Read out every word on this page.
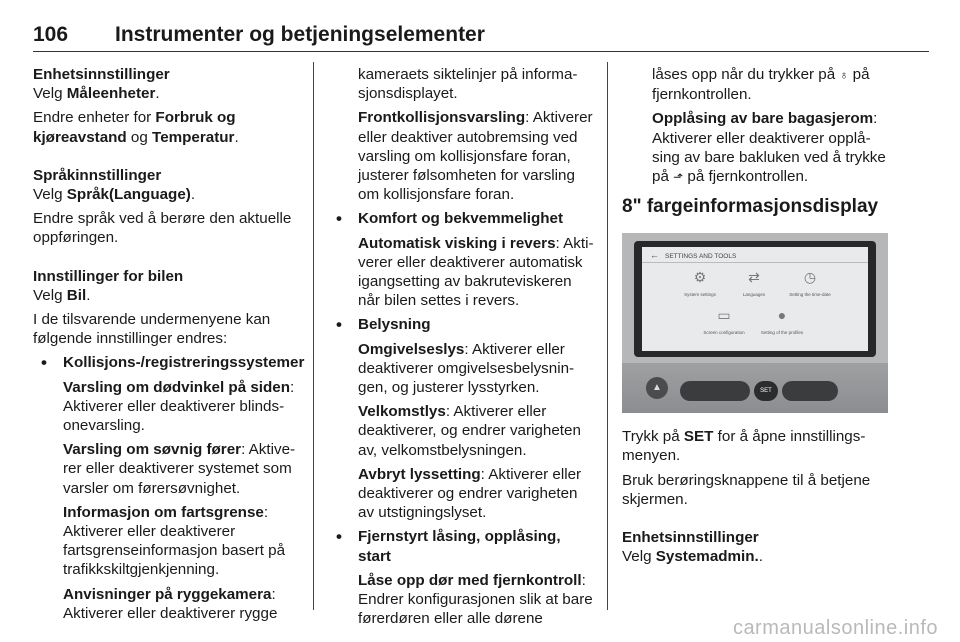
106	Instrumenter og betjeningselementer
Enhetsinnstillinger

Velg Måleenheter.

Endre enheter for Forbruk og kjøreavstand og Temperatur.

Språkinnstillinger

Velg Språk(Language).

Endre språk ved å berøre den aktuelle oppføringen.

Innstillinger for bilen

Velg Bil.

I de tilsvarende undermenyene kan følgende innstillinger endres:

• Kollisjons-/registreringssystemer
Varsling om dødvinkel på siden: Aktiverer eller deaktiverer blindsonevarsling.
Varsling om søvnig fører: Aktiverer eller deaktiverer systemet som varsler om førersøvnighet.
Informasjon om fartsgrense: Aktiverer eller deaktiverer fartsgrenseinformasjon basert på trafikkskiltgjenkjenning.
Anvisninger på ryggekamera: Aktiverer eller deaktiverer rygge
kameraets siktelinjer på informasjonsdisplayet.
Frontkollisjonsvarsling: Aktiverer eller deaktiver autobremsing ved varsling om kollisjonsfare foran, justerer følsomheten for varsling om kollisjonsfare foran.
• Komfort og bekvemmelighet
Automatisk visking i revers: Aktiverer eller deaktiverer automatisk igangsetting av bakruteviskeren når bilen settes i revers.
• Belysning
Omgivelseslys: Aktiverer eller deaktiverer omgivelsesbelysningen, og justerer lysstyrken.
Velkomstlys: Aktiverer eller deaktiverer, og endrer varigheten av, velkomstbelysningen.
Avbryt lyssetting: Aktiverer eller deaktiverer og endrer varigheten av utstigningslyset.
• Fjernstyrt låsing, opplåsing, start
Låse opp dør med fjernkontroll: Endrer konfigurasjonen slik at bare førerdøren eller alle dørene
låses opp når du trykker på ♁ på fjernkontrollen.
Opplåsing av bare bagasjerom: Aktiverer eller deaktiverer opplåsing av bare bakluken ved å trykke på ⬏ på fjernkontrollen.
8" fargeinformasjonsdisplay
← SETTINGS AND TOOLS
⚙
System settings
⇄
Languages
◷
Setting the time-date
▭
Screen configuration
●
Setting of the profiles
▲	SET

Trykk på SET for å åpne innstillingsmenyen.

Bruk berøringsknappene til å betjene skjermen.

Enhetsinnstillinger

Velg Systemadmin..

carmanualsonline.info
